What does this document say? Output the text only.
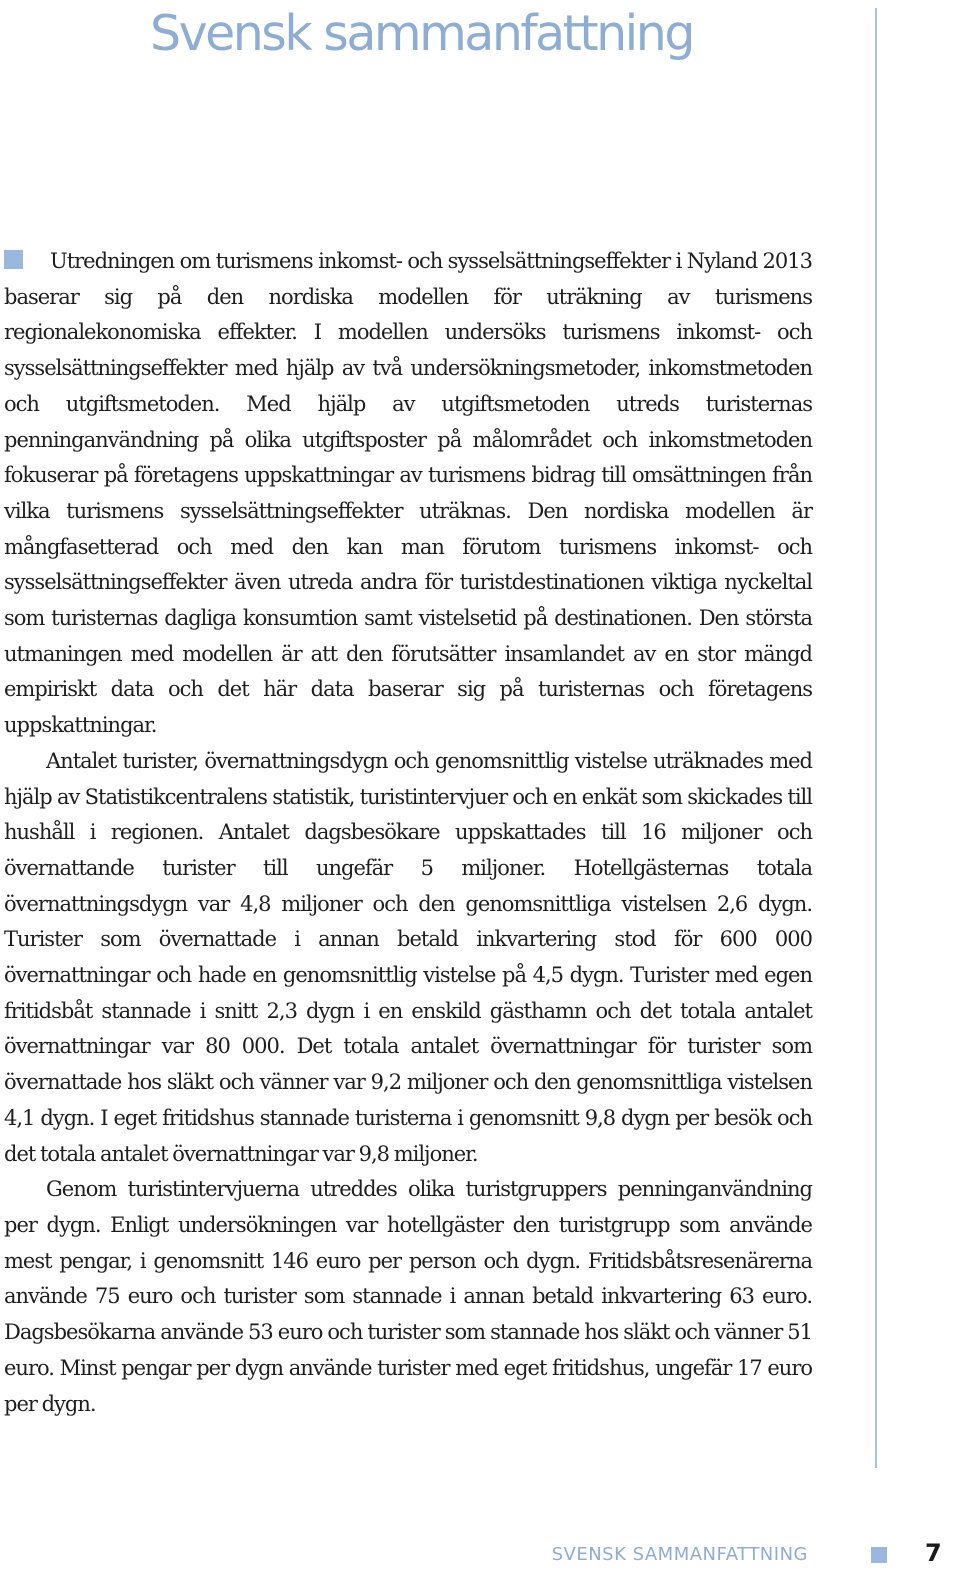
Svensk sammanfattning

Utredningen om turismens inkomst- och sysselsättningseffekter i Nyland 2013 baserar sig på den nordiska modellen för uträkning av turismens regionalekonomiska effekter. I modellen undersöks turismens inkomst- och sysselsättningseffekter med hjälp av två undersökningsmetoder, inkomstmetoden och utgiftsmetoden. Med hjälp av utgiftsmetoden utreds turisternas penninganvändning på olika utgiftsposter på målområdet och inkomstmetoden fokuserar på företagens uppskattningar av turismens bidrag till omsättningen från vilka turismens sysselsättningseffekter uträknas. Den nordiska modellen är mångfasetterad och med den kan man förutom turismens inkomst- och sysselsättningseffekter även utreda andra för turistdestinationen viktiga nyckeltal som turisternas dagliga konsumtion samt vistelsetid på destinationen. Den största utmaningen med modellen är att den förutsätter insamlandet av en stor mängd empiriskt data och det här data baserar sig på turisternas och företagens uppskattningar.

Antalet turister, övernattningsdygn och genomsnittlig vistelse uträknades med hjälp av Statistikcentralens statistik, turistintervjuer och en enkät som skickades till hushåll i regionen. Antalet dagsbesökare uppskattades till 16 miljoner och övernattande turister till ungefär 5 miljoner. Hotellgästernas totala övernattningsdygn var 4,8 miljoner och den genomsnittliga vistelsen 2,6 dygn. Turister som övernattade i annan betald inkvartering stod för 600 000 övernattningar och hade en genomsnittlig vistelse på 4,5 dygn. Turister med egen fritidsbåt stannade i snitt 2,3 dygn i en enskild gästhamn och det totala antalet övernattningar var 80 000. Det totala antalet övernattningar för turister som övernattade hos släkt och vänner var 9,2 miljoner och den genomsnittliga vistelsen 4,1 dygn. I eget fritidshus stannade turisterna i genomsnitt 9,8 dygn per besök och det totala antalet övernattningar var 9,8 miljoner.

Genom turistintervjuerna utreddes olika turistgruppers penninganvändning per dygn. Enligt undersökningen var hotellgäster den turistgrupp som använde mest pengar, i genomsnitt 146 euro per person och dygn. Fritidsbåtsresenärerna använde 75 euro och turister som stannade i annan betald inkvartering 63 euro. Dagsbesökarna använde 53 euro och turister som stannade hos släkt och vänner 51 euro. Minst pengar per dygn använde turister med eget fritidshus, ungefär 17 euro per dygn.

SVENSK SAMMANFATTNING	7
